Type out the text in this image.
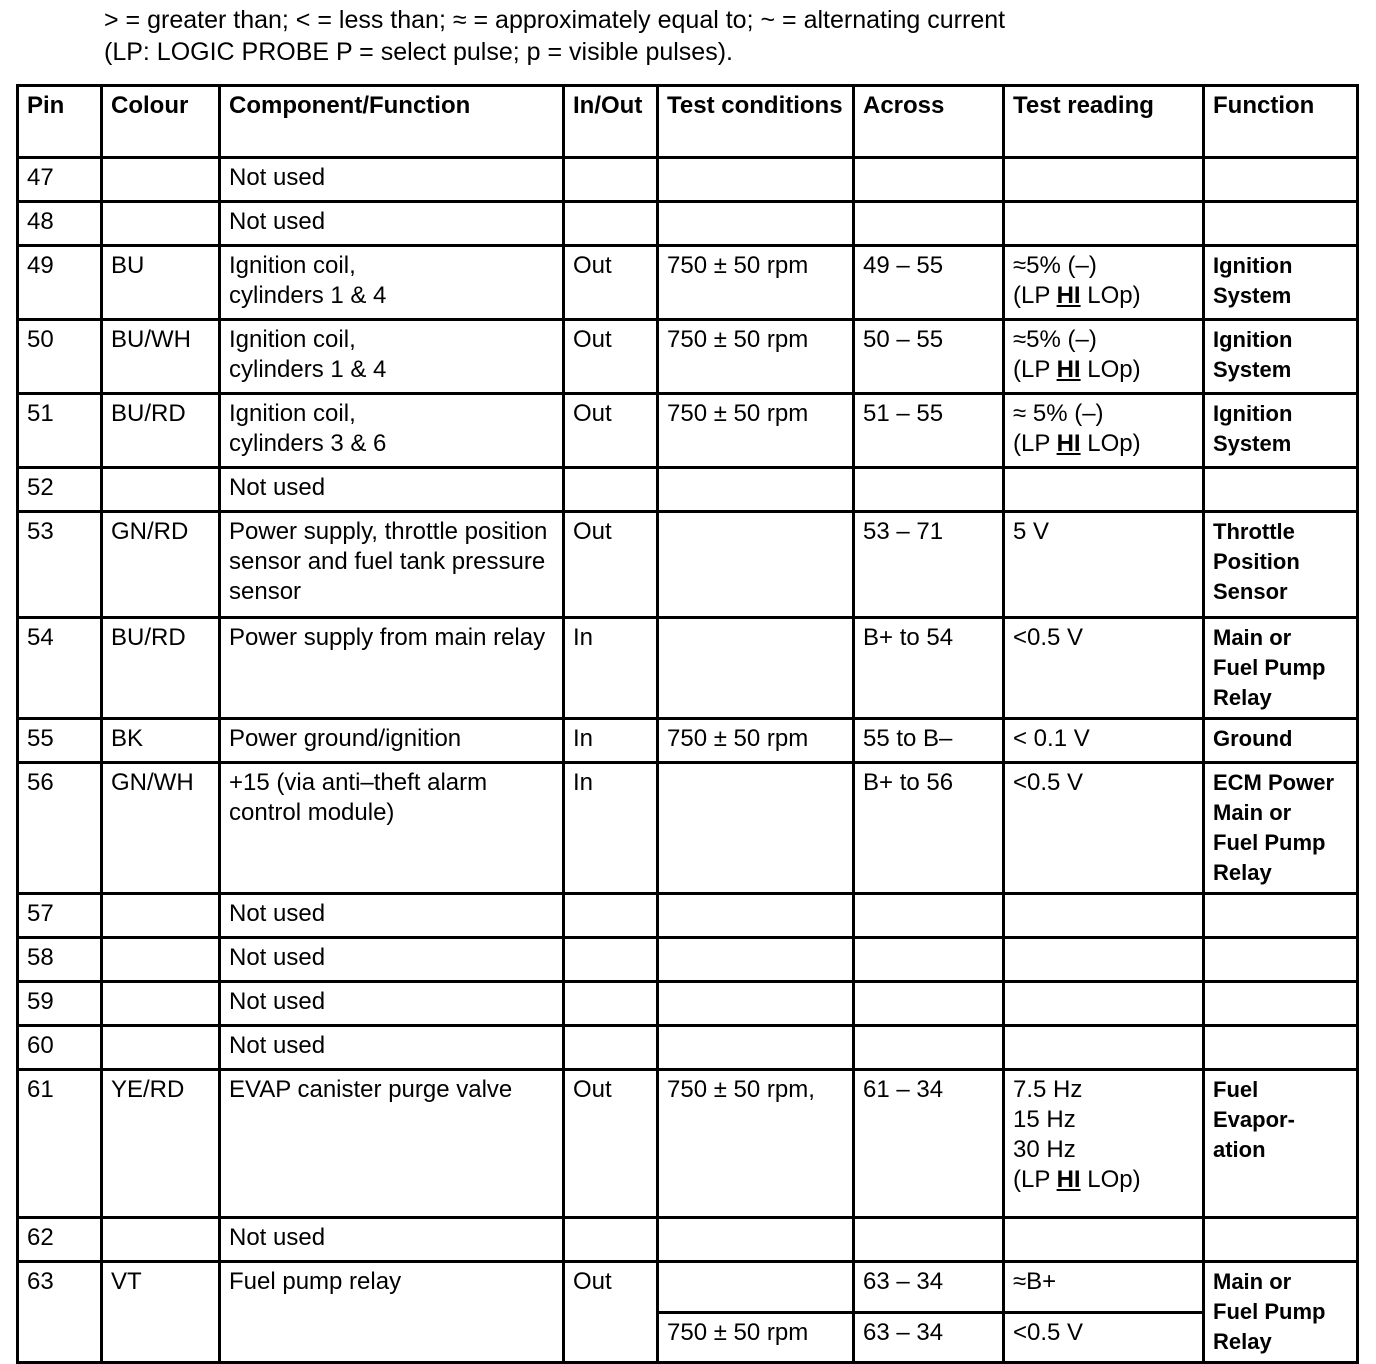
> = greater than; < = less than; ≈ = approximately equal to; ~ = alternating current
(LP: LOGIC PROBE P = select pulse; p = visible pulses).
Pin	Colour	Component/Function	In/Out	Test conditions	Across	Test reading	Function
47		Not used					
48		Not used					
49	BU	Ignition coil,
cylinders 1 & 4	Out	750 ± 50 rpm	49 – 55	≈5% (–)
(LP HI LOp)	Ignition
System
50	BU/WH	Ignition coil,
cylinders 1 & 4	Out	750 ± 50 rpm	50 – 55	≈5% (–)
(LP HI LOp)	Ignition
System
51	BU/RD	Ignition coil,
cylinders 3 & 6	Out	750 ± 50 rpm	51 – 55	≈ 5% (–)
(LP HI LOp)	Ignition
System
52		Not used					
53	GN/RD	Power supply, throttle position sensor and fuel tank pressure sensor	Out		53 – 71	5 V	Throttle
Position
Sensor
54	BU/RD	Power supply from main relay	In		B+ to 54	<0.5 V	Main or
Fuel Pump
Relay
55	BK	Power ground/ignition	In	750 ± 50 rpm	55 to B–	< 0.1 V	Ground
56	GN/WH	+15 (via anti–theft alarm control module)	In		B+ to 56	<0.5 V	ECM Power
Main or
Fuel Pump
Relay
57		Not used					
58		Not used					
59		Not used					
60		Not used					
61	YE/RD	EVAP canister purge valve	Out	750 ± 50 rpm,	61 – 34	7.5 Hz
15 Hz
30 Hz
(LP HI LOp)	Fuel
Evapor-
ation
62		Not used					
63	VT	Fuel pump relay	Out		63 – 34	≈B+	Main or
Fuel Pump
Relay
				750 ± 50 rpm	63 – 34	<0.5 V	
